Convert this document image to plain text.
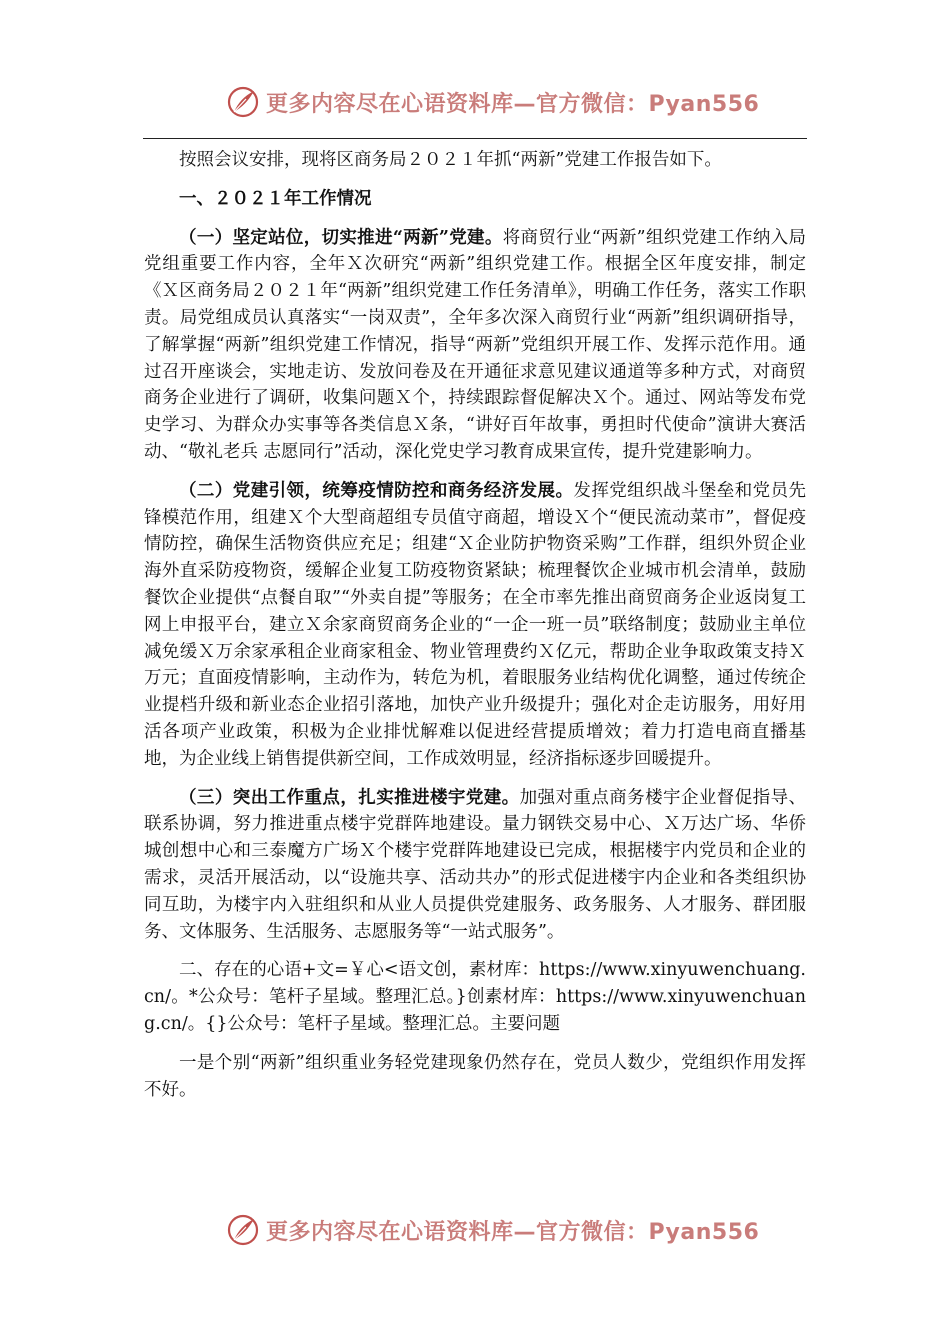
更多内容尽在心语资料库—官方微信：Pyan556

按照会议安排，现将区商务局２０２１年抓“两新”党建工作报告如下。

一、２０２１年工作情况

（一）坚定站位，切实推进“两新”党建。将商贸行业“两新”组织党建工作纳入局党组重要工作内容，全年Ｘ次研究“两新”组织党建工作。根据全区年度安排，制定《Ｘ区商务局２０２１年“两新”组织党建工作任务清单》，明确工作任务，落实工作职责。局党组成员认真落实“一岗双责”，全年多次深入商贸行业“两新”组织调研指导，了解掌握“两新”组织党建工作情况，指导“两新”党组织开展工作、发挥示范作用。通过召开座谈会，实地走访、发放问卷及在开通征求意见建议通道等多种方式，对商贸商务企业进行了调研，收集问题Ｘ个，持续跟踪督促解决Ｘ个。通过、网站等发布党史学习、为群众办实事等各类信息Ｘ条，“讲好百年故事，勇担时代使命”演讲大赛活动、“敬礼老兵 志愿同行”活动，深化党史学习教育成果宣传，提升党建影响力。

（二）党建引领，统筹疫情防控和商务经济发展。发挥党组织战斗堡垒和党员先锋模范作用，组建Ｘ个大型商超组专员值守商超，增设Ｘ个“便民流动菜市”，督促疫情防控，确保生活物资供应充足；组建“Ｘ企业防护物资采购”工作群，组织外贸企业海外直采防疫物资，缓解企业复工防疫物资紧缺；梳理餐饮企业城市机会清单，鼓励餐饮企业提供“点餐自取”“外卖自提”等服务；在全市率先推出商贸商务企业返岗复工网上申报平台，建立Ｘ余家商贸商务企业的“一企一班一员”联络制度；鼓励业主单位减免缓Ｘ万余家承租企业商家租金、物业管理费约Ｘ亿元，帮助企业争取政策支持Ｘ万元；直面疫情影响，主动作为，转危为机，着眼服务业结构优化调整，通过传统企业提档升级和新业态企业招引落地，加快产业升级提升；强化对企走访服务，用好用活各项产业政策，积极为企业排忧解难以促进经营提质增效；着力打造电商直播基地，为企业线上销售提供新空间，工作成效明显，经济指标逐步回暖提升。

（三）突出工作重点，扎实推进楼宇党建。加强对重点商务楼宇企业督促指导、联系协调，努力推进重点楼宇党群阵地建设。量力钢铁交易中心、Ｘ万达广场、华侨城创想中心和三泰魔方广场Ｘ个楼宇党群阵地建设已完成，根据楼宇内党员和企业的需求，灵活开展活动，以“设施共享、活动共办”的形式促进楼宇内企业和各类组织协同互助，为楼宇内入驻组织和从业人员提供党建服务、政务服务、人才服务、群团服务、文体服务、生活服务、志愿服务等“一站式服务”。

二、存在的心语+文=￥心<语文创，素材库：https://www.xinyuwenchuang.cn/。*公众号：笔杆子星域。整理汇总。}创素材库：https://www.xinyuwenchuang.cn/。{}公众号：笔杆子星域。整理汇总。主要问题

一是个别“两新”组织重业务轻党建现象仍然存在，党员人数少，党组织作用发挥不好。

更多内容尽在心语资料库—官方微信：Pyan556
